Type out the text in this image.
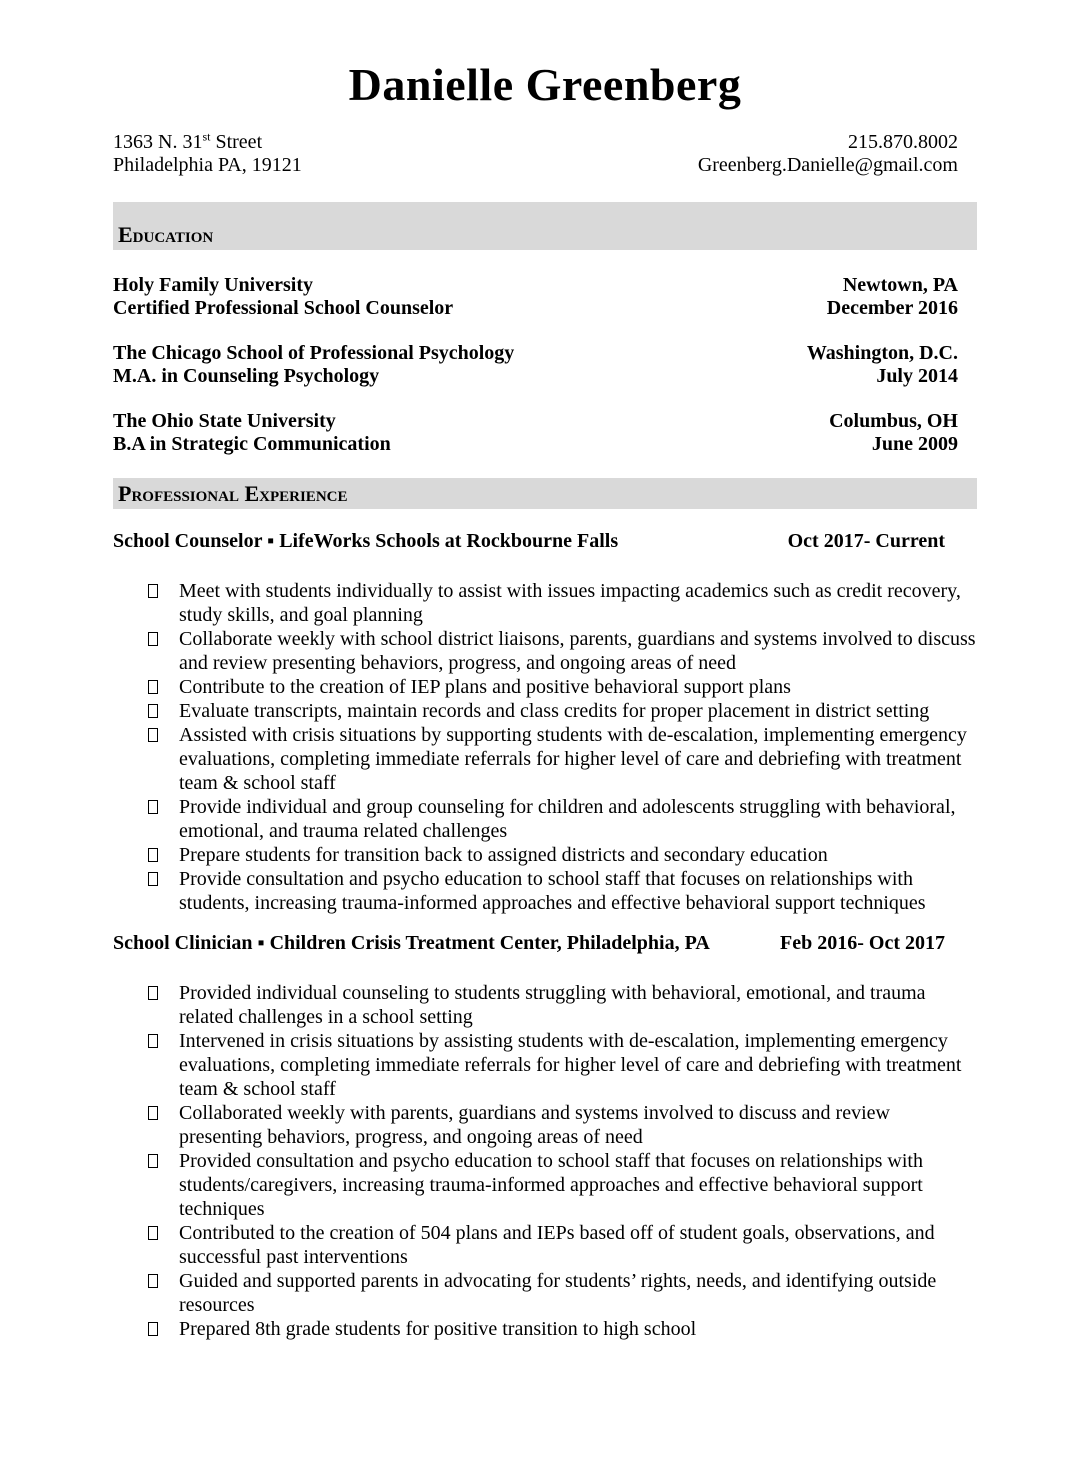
Danielle Greenberg
1363 N. 31st Street
Philadelphia PA, 19121
215.870.8002
Greenberg.Danielle@gmail.com
Education
Holy Family University	Newtown, PA
Certified Professional School Counselor	December 2016
The Chicago School of Professional Psychology	Washington, D.C.
M.A. in Counseling Psychology	July 2014
The Ohio State University	Columbus, OH
B.A in Strategic Communication	June 2009
Professional Experience
School Counselor ▪ LifeWorks Schools at Rockbourne Falls	Oct 2017- Current
Meet with students individually to assist with issues impacting academics such as credit recovery, study skills, and goal planning
Collaborate weekly with school district liaisons, parents, guardians and systems involved to discuss and review presenting behaviors, progress, and ongoing areas of need
Contribute to the creation of IEP plans and positive behavioral support plans
Evaluate transcripts, maintain records and class credits for proper placement in district setting
Assisted with crisis situations by supporting students with de-escalation, implementing emergency evaluations, completing immediate referrals for higher level of care and debriefing with treatment team & school staff
Provide individual and group counseling for children and adolescents struggling with behavioral, emotional, and trauma related challenges
Prepare students for transition back to assigned districts and secondary education
Provide consultation and psycho education to school staff that focuses on relationships with students, increasing trauma-informed approaches and effective behavioral support techniques
School Clinician ▪ Children Crisis Treatment Center, Philadelphia, PA	Feb 2016- Oct 2017
Provided individual counseling to students struggling with behavioral, emotional, and trauma related challenges in a school setting
Intervened in crisis situations by assisting students with de-escalation, implementing emergency evaluations, completing immediate referrals for higher level of care and debriefing with treatment team & school staff
Collaborated weekly with parents, guardians and systems involved to discuss and review presenting behaviors, progress, and ongoing areas of need
Provided consultation and psycho education to school staff that focuses on relationships with students/caregivers, increasing trauma-informed approaches and effective behavioral support techniques
Contributed to the creation of 504 plans and IEPs based off of student goals, observations, and successful past interventions
Guided and supported parents in advocating for students’ rights, needs, and identifying outside resources
Prepared 8th grade students for positive transition to high school
